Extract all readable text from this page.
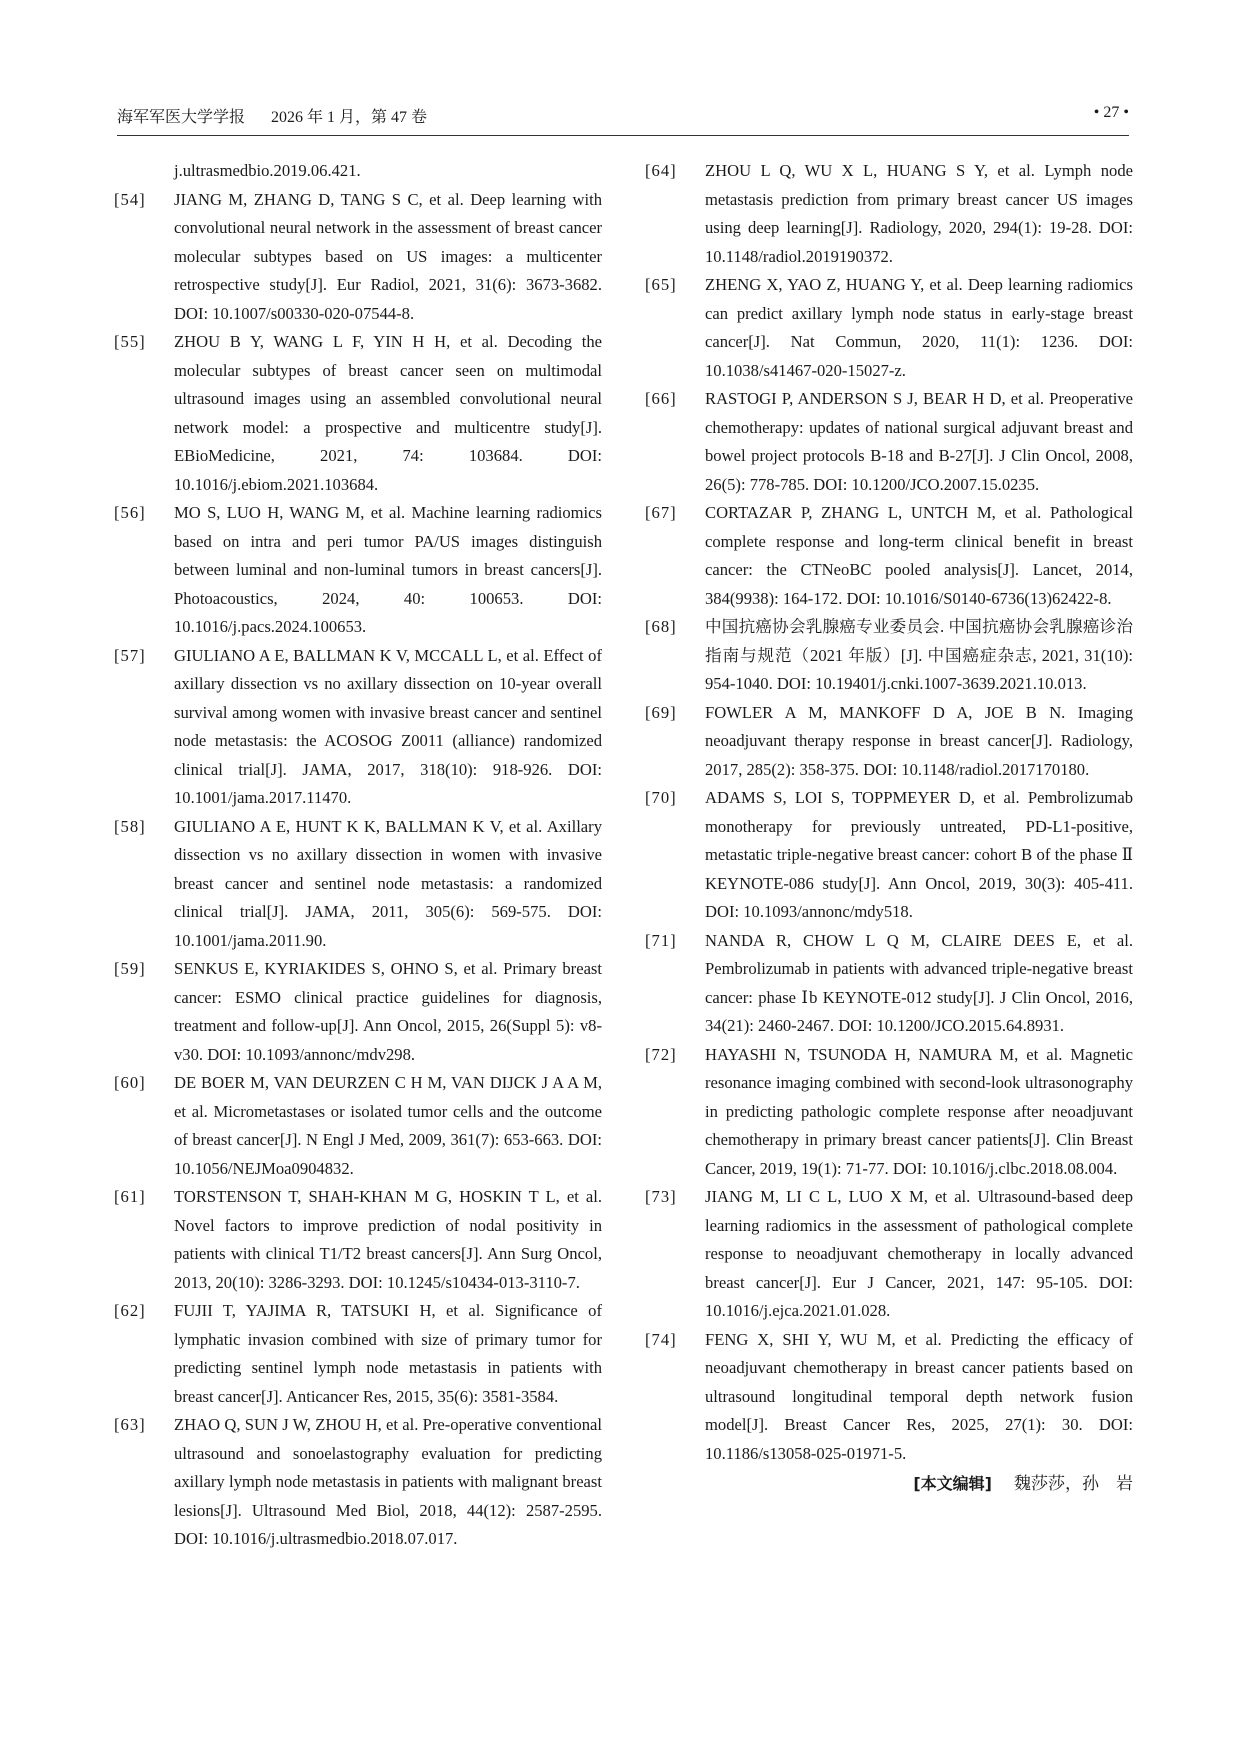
海军军医大学学报 2026 年 1 月，第 47 卷	• 27 •
j.ultrasmedbio.2019.06.421.
[54]	JIANG M, ZHANG D, TANG S C, et al. Deep learning with convolutional neural network in the assessment of breast cancer molecular subtypes based on US images: a multicenter retrospective study[J]. Eur Radiol, 2021, 31(6): 3673-3682. DOI: 10.1007/s00330-020-07544-8.
[55]	ZHOU B Y, WANG L F, YIN H H, et al. Decoding the molecular subtypes of breast cancer seen on multimodal ultrasound images using an assembled convolutional neural network model: a prospective and multicentre study[J]. EBioMedicine, 2021, 74: 103684. DOI: 10.1016/j.ebiom.2021.103684.
[56]	MO S, LUO H, WANG M, et al. Machine learning radiomics based on intra and peri tumor PA/US images distinguish between luminal and non-luminal tumors in breast cancers[J]. Photoacoustics, 2024, 40: 100653. DOI: 10.1016/j.pacs.2024.100653.
[57]	GIULIANO A E, BALLMAN K V, MCCALL L, et al. Effect of axillary dissection vs no axillary dissection on 10-year overall survival among women with invasive breast cancer and sentinel node metastasis: the ACOSOG Z0011 (alliance) randomized clinical trial[J]. JAMA, 2017, 318(10): 918-926. DOI: 10.1001/jama.2017.11470.
[58]	GIULIANO A E, HUNT K K, BALLMAN K V, et al. Axillary dissection vs no axillary dissection in women with invasive breast cancer and sentinel node metastasis: a randomized clinical trial[J]. JAMA, 2011, 305(6): 569-575. DOI: 10.1001/jama.2011.90.
[59]	SENKUS E, KYRIAKIDES S, OHNO S, et al. Primary breast cancer: ESMO clinical practice guidelines for diagnosis, treatment and follow-up[J]. Ann Oncol, 2015, 26(Suppl 5): v8-v30. DOI: 10.1093/annonc/mdv298.
[60]	DE BOER M, VAN DEURZEN C H M, VAN DIJCK J A A M, et al. Micrometastases or isolated tumor cells and the outcome of breast cancer[J]. N Engl J Med, 2009, 361(7): 653-663. DOI: 10.1056/NEJMoa0904832.
[61]	TORSTENSON T, SHAH-KHAN M G, HOSKIN T L, et al. Novel factors to improve prediction of nodal positivity in patients with clinical T1/T2 breast cancers[J]. Ann Surg Oncol, 2013, 20(10): 3286-3293. DOI: 10.1245/s10434-013-3110-7.
[62]	FUJII T, YAJIMA R, TATSUKI H, et al. Significance of lymphatic invasion combined with size of primary tumor for predicting sentinel lymph node metastasis in patients with breast cancer[J]. Anticancer Res, 2015, 35(6): 3581-3584.
[63]	ZHAO Q, SUN J W, ZHOU H, et al. Pre-operative conventional ultrasound and sonoelastography evaluation for predicting axillary lymph node metastasis in patients with malignant breast lesions[J]. Ultrasound Med Biol, 2018, 44(12): 2587-2595. DOI: 10.1016/j.ultrasmedbio.2018.07.017.
[64]	ZHOU L Q, WU X L, HUANG S Y, et al. Lymph node metastasis prediction from primary breast cancer US images using deep learning[J]. Radiology, 2020, 294(1): 19-28. DOI: 10.1148/radiol.2019190372.
[65]	ZHENG X, YAO Z, HUANG Y, et al. Deep learning radiomics can predict axillary lymph node status in early-stage breast cancer[J]. Nat Commun, 2020, 11(1): 1236. DOI: 10.1038/s41467-020-15027-z.
[66]	RASTOGI P, ANDERSON S J, BEAR H D, et al. Preoperative chemotherapy: updates of national surgical adjuvant breast and bowel project protocols B-18 and B-27[J]. J Clin Oncol, 2008, 26(5): 778-785. DOI: 10.1200/JCO.2007.15.0235.
[67]	CORTAZAR P, ZHANG L, UNTCH M, et al. Pathological complete response and long-term clinical benefit in breast cancer: the CTNeoBC pooled analysis[J]. Lancet, 2014, 384(9938): 164-172. DOI: 10.1016/S0140-6736(13)62422-8.
[68]	中国抗癌协会乳腺癌专业委员会. 中国抗癌协会乳腺癌诊治指南与规范（2021 年版）[J]. 中国癌症杂志, 2021, 31(10): 954-1040. DOI: 10.19401/j.cnki.1007-3639.2021.10.013.
[69]	FOWLER A M, MANKOFF D A, JOE B N. Imaging neoadjuvant therapy response in breast cancer[J]. Radiology, 2017, 285(2): 358-375. DOI: 10.1148/radiol.2017170180.
[70]	ADAMS S, LOI S, TOPPMEYER D, et al. Pembrolizumab monotherapy for previously untreated, PD-L1-positive, metastatic triple-negative breast cancer: cohort B of the phase Ⅱ KEYNOTE-086 study[J]. Ann Oncol, 2019, 30(3): 405-411. DOI: 10.1093/annonc/mdy518.
[71]	NANDA R, CHOW L Q M, CLAIRE DEES E, et al. Pembrolizumab in patients with advanced triple-negative breast cancer: phase Ⅰb KEYNOTE-012 study[J]. J Clin Oncol, 2016, 34(21): 2460-2467. DOI: 10.1200/JCO.2015.64.8931.
[72]	HAYASHI N, TSUNODA H, NAMURA M, et al. Magnetic resonance imaging combined with second-look ultrasonography in predicting pathologic complete response after neoadjuvant chemotherapy in primary breast cancer patients[J]. Clin Breast Cancer, 2019, 19(1): 71-77. DOI: 10.1016/j.clbc.2018.08.004.
[73]	JIANG M, LI C L, LUO X M, et al. Ultrasound-based deep learning radiomics in the assessment of pathological complete response to neoadjuvant chemotherapy in locally advanced breast cancer[J]. Eur J Cancer, 2021, 147: 95-105. DOI: 10.1016/j.ejca.2021.01.028.
[74]	FENG X, SHI Y, WU M, et al. Predicting the efficacy of neoadjuvant chemotherapy in breast cancer patients based on ultrasound longitudinal temporal depth network fusion model[J]. Breast Cancer Res, 2025, 27(1): 30. DOI: 10.1186/s13058-025-01971-5.
[本文编辑] 魏莎莎，孙　岩
